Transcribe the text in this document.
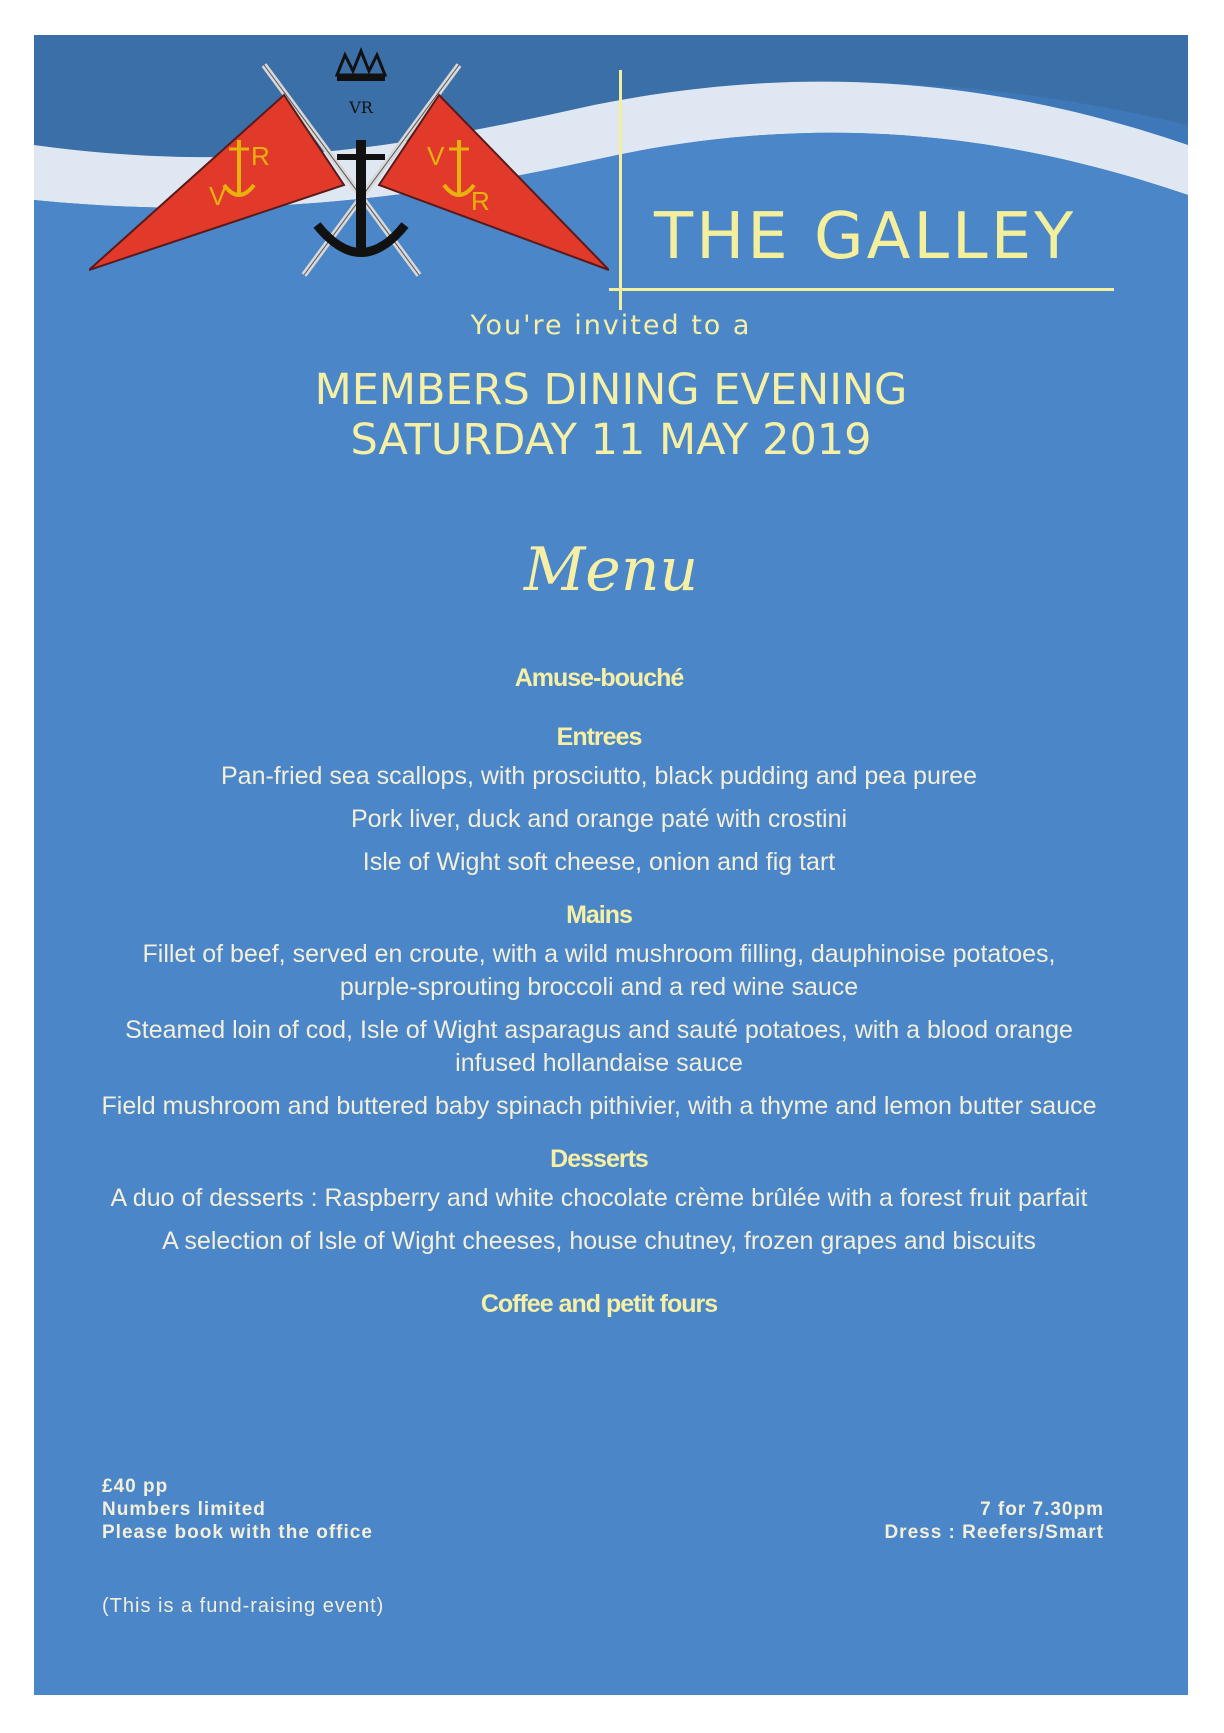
VR
V
R	V
R	THE GALLEY
You're invited to a
MEMBERS DINING EVENING
SATURDAY 11 MAY 2019
Menu
Amuse-bouché
Entrees
Pan-fried sea scallops, with prosciutto, black pudding and pea puree
Pork liver, duck and orange paté with crostini
Isle of Wight soft cheese, onion and fig tart
Mains
Fillet of beef, served en croute, with a wild mushroom filling, dauphinoise potatoes, purple-sprouting broccoli and a red wine sauce
Steamed loin of cod, Isle of Wight asparagus and sauté potatoes, with a blood orange infused hollandaise sauce
Field mushroom and buttered baby spinach pithivier, with a thyme and lemon butter sauce
Desserts
A duo of desserts : Raspberry and white chocolate crème brûlée with a forest fruit parfait
A selection of Isle of Wight cheeses, house chutney, frozen grapes and biscuits
Coffee and petit fours
£40 pp
Numbers limited
Please book with the office
7 for 7.30pm
Dress : Reefers/Smart
(This is a fund-raising event)
